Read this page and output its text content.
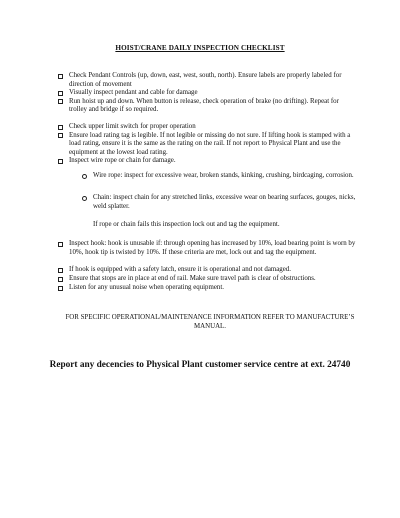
HOIST/CRANE DAILY INSPECTION CHECKLIST
Check Pendant Controls (up, down, east, west, south, north). Ensure labels are properly labeled for direction of movement
Visually inspect pendant and cable for damage
Run hoist up and down. When button is release, check operation of brake (no drifting). Repeat for trolley and bridge if so required.
Check upper limit switch for proper operation
Ensure load rating tag is legible. If not legible or missing do not sure. If lifting hook is stamped with a load rating, ensure it is the same as the rating on the rail. If not report to Physical Plant and use the equipment at the lowest load rating.
Inspect wire rope or chain for damage.
Wire rope: inspect for excessive wear, broken stands, kinking, crushing, birdcaging, corrosion.
Chain: inspect chain for any stretched links, excessive wear on bearing surfaces, gouges, nicks, weld splatter.
If rope or chain fails this inspection lock out and tag the equipment.
Inspect hook: hook is unusable if: through opening has increased by 10%, load bearing point is worn by 10%, hook tip is twisted by 10%. If these criteria are met, lock out and tag the equipment.
If hook is equipped with a safety latch, ensure it is operational and not damaged.
Ensure that stops are in place at end of rail. Make sure travel path is clear of obstructions.
Listen for any unusual noise when operating equipment.
FOR SPECIFIC OPERATIONAL/MAINTENANCE INFORMATION REFER TO MANUFACTURE’S MANUAL.
Report any decencies to Physical Plant customer service centre at ext. 24740
